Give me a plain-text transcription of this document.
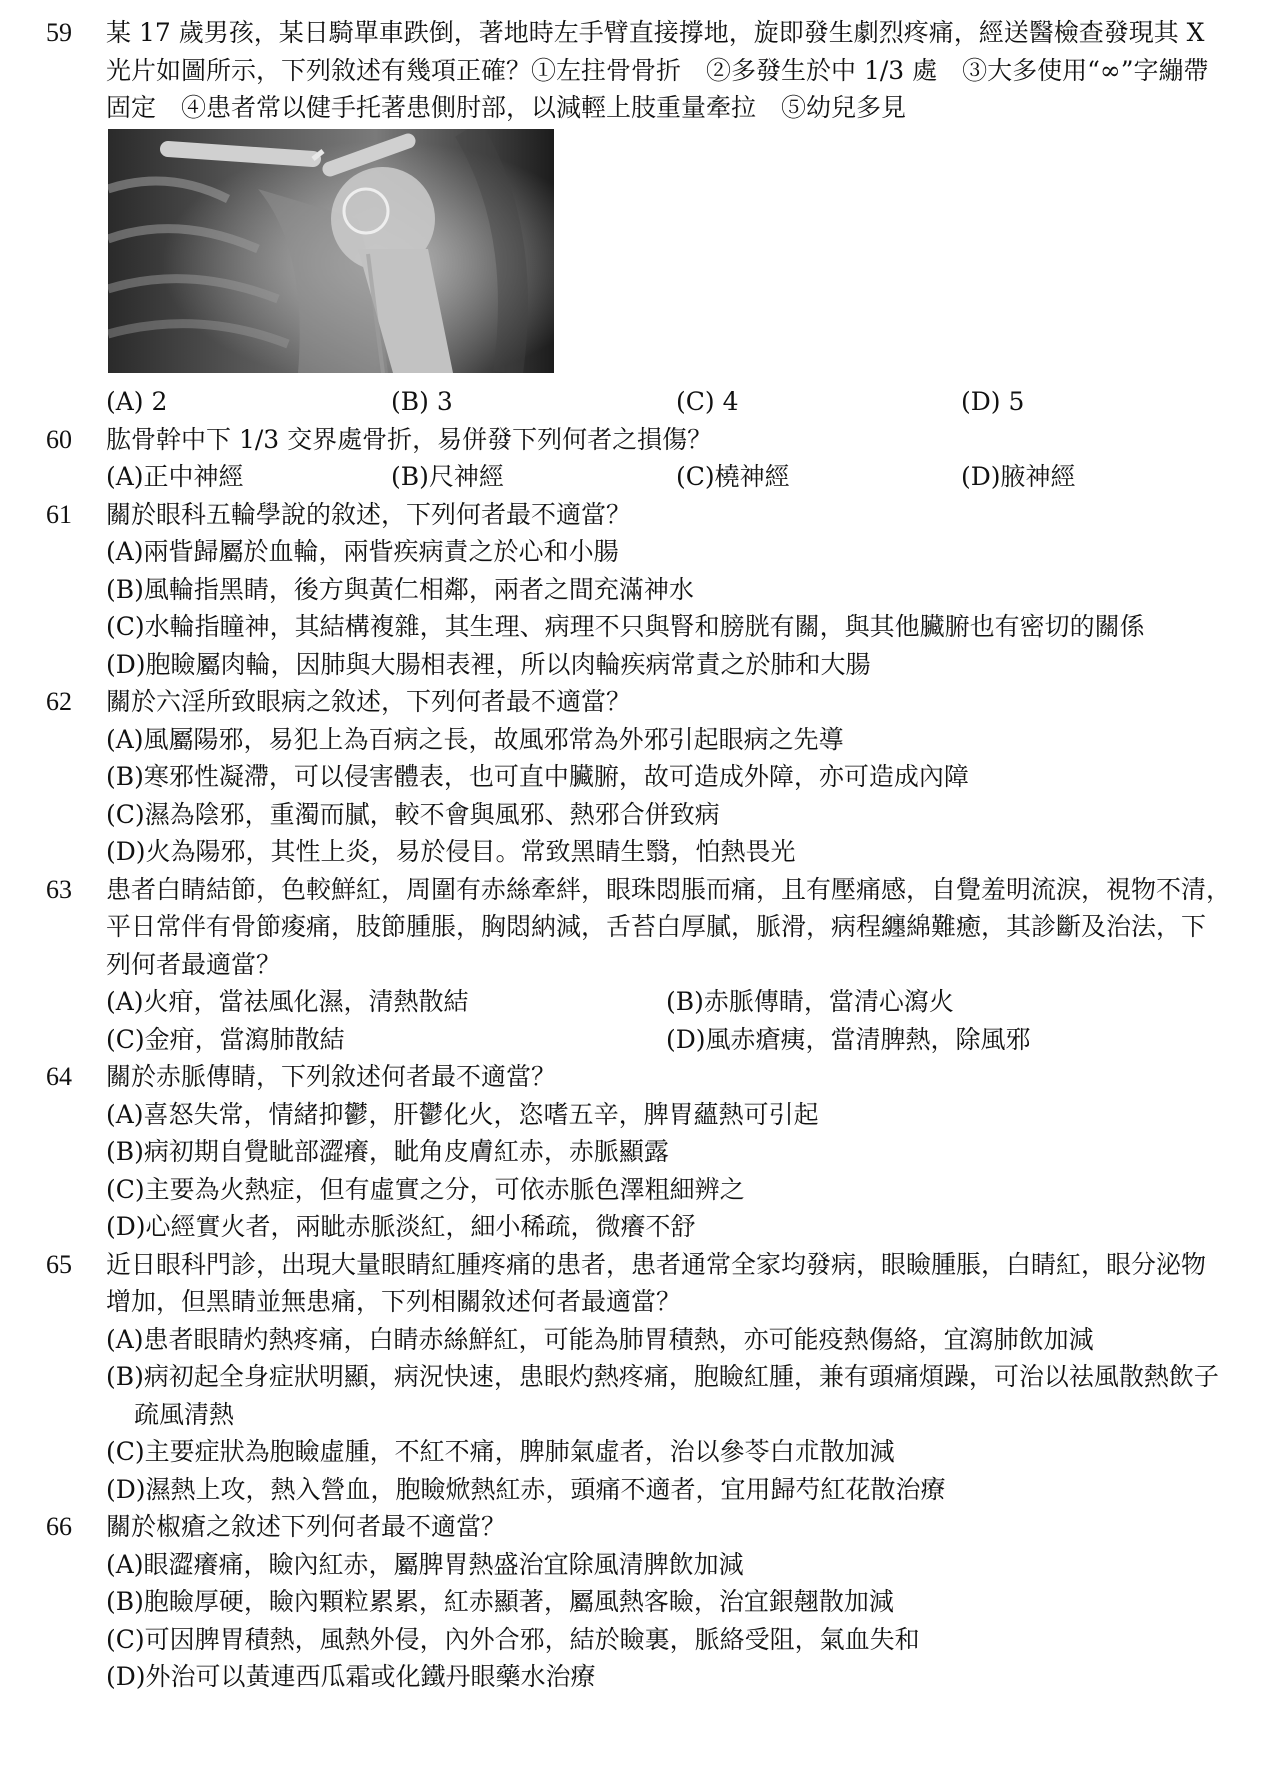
59 某 17 歲男孩，某日騎單車跌倒，著地時左手臂直接撐地，旋即發生劇烈疼痛，經送醫檢查發現其 X
光片如圖所示，下列敘述有幾項正確？①左拄骨骨折　②多發生於中 1/3 處　③大多使用“∞”字繃帶
固定　④患者常以健手托著患側肘部，以減輕上肢重量牽拉　⑤幼兒多見
(A) 2	(B) 3	(C) 4	(D) 5
60 肱骨幹中下 1/3 交界處骨折，易併發下列何者之損傷？
(A)正中神經	(B)尺神經	(C)橈神經	(D)腋神經
61 關於眼科五輪學說的敘述，下列何者最不適當？
(A)兩眥歸屬於血輪，兩眥疾病責之於心和小腸
(B)風輪指黑睛，後方與黃仁相鄰，兩者之間充滿神水
(C)水輪指瞳神，其結構複雜，其生理、病理不只與腎和膀胱有關，與其他臟腑也有密切的關係
(D)胞瞼屬肉輪，因肺與大腸相表裡，所以肉輪疾病常責之於肺和大腸
62 關於六淫所致眼病之敘述，下列何者最不適當？
(A)風屬陽邪，易犯上為百病之長，故風邪常為外邪引起眼病之先導
(B)寒邪性凝滯，可以侵害體表，也可直中臟腑，故可造成外障，亦可造成內障
(C)濕為陰邪，重濁而膩，較不會與風邪、熱邪合併致病
(D)火為陽邪，其性上炎，易於侵目。常致黑睛生翳，怕熱畏光
63 患者白睛結節，色較鮮紅，周圍有赤絲牽絆，眼珠悶脹而痛，且有壓痛感，自覺羞明流淚，視物不清，
平日常伴有骨節痠痛，肢節腫脹，胸悶納減，舌苔白厚膩，脈滑，病程纏綿難癒，其診斷及治法，下
列何者最適當？
(A)火疳，當祛風化濕，清熱散結	(B)赤脈傳睛，當清心瀉火
(C)金疳，當瀉肺散結	(D)風赤瘡痍，當清脾熱，除風邪
64 關於赤脈傳睛，下列敘述何者最不適當？
(A)喜怒失常，情緒抑鬱，肝鬱化火，恣嗜五辛，脾胃蘊熱可引起
(B)病初期自覺眦部澀癢，眦角皮膚紅赤，赤脈顯露
(C)主要為火熱症，但有虛實之分，可依赤脈色澤粗細辨之
(D)心經實火者，兩眦赤脈淡紅，細小稀疏，微癢不舒
65 近日眼科門診，出現大量眼睛紅腫疼痛的患者，患者通常全家均發病，眼瞼腫脹，白睛紅，眼分泌物
增加，但黑睛並無患痛，下列相關敘述何者最適當？
(A)患者眼睛灼熱疼痛，白睛赤絲鮮紅，可能為肺胃積熱，亦可能疫熱傷絡，宜瀉肺飲加減
(B)病初起全身症狀明顯，病況快速，患眼灼熱疼痛，胞瞼紅腫，兼有頭痛煩躁，可治以祛風散熱飲子
疏風清熱
(C)主要症狀為胞瞼虛腫，不紅不痛，脾肺氣虛者，治以參苓白朮散加減
(D)濕熱上攻，熱入營血，胞瞼焮熱紅赤，頭痛不適者，宜用歸芍紅花散治療
66 關於椒瘡之敘述下列何者最不適當？
(A)眼澀癢痛，瞼內紅赤，屬脾胃熱盛治宜除風清脾飲加減
(B)胞瞼厚硬，瞼內顆粒累累，紅赤顯著，屬風熱客瞼，治宜銀翹散加減
(C)可因脾胃積熱，風熱外侵，內外合邪，結於瞼裏，脈絡受阻，氣血失和
(D)外治可以黃連西瓜霜或化鐵丹眼藥水治療
